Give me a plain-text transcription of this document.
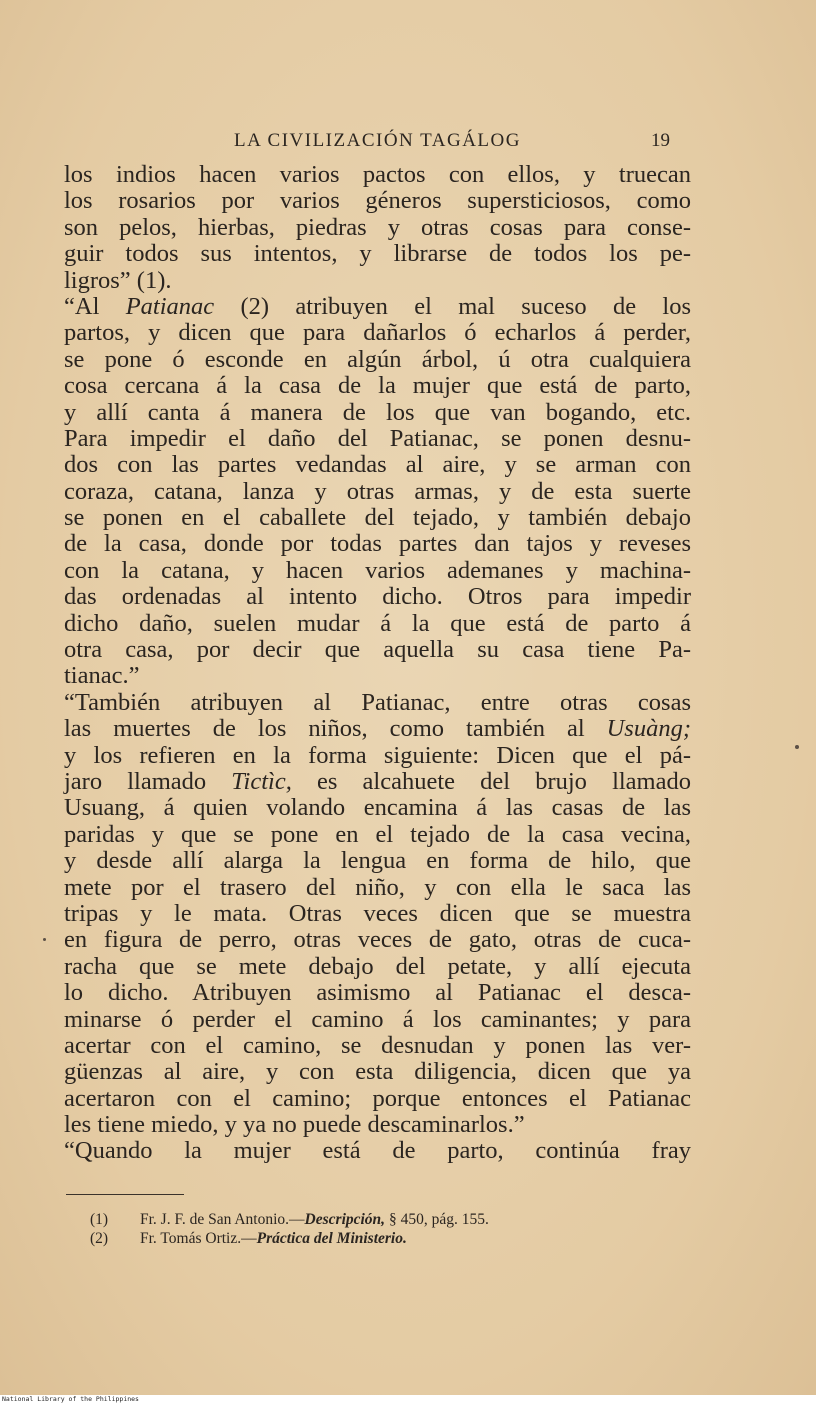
LA CIVILIZACIÓN TAGÁLOG	19
los indios hacen varios pactos con ellos, y truecan
los rosarios por varios géneros supersticiosos, como
son pelos, hierbas, piedras y otras cosas para conse-
guir todos sus intentos, y librarse de todos los pe-
ligros” (1).
“Al Patianac (2) atribuyen el mal suceso de los
partos, y dicen que para dañarlos ó echarlos á perder,
se pone ó esconde en algún árbol, ú otra cualquiera
cosa cercana á la casa de la mujer que está de parto,
y allí canta á manera de los que van bogando, etc.
Para impedir el daño del Patianac, se ponen desnu-
dos con las partes vedandas al aire, y se arman con
coraza, catana, lanza y otras armas, y de esta suerte
se ponen en el caballete del tejado, y también debajo
de la casa, donde por todas partes dan tajos y reveses
con la catana, y hacen varios ademanes y machina-
das ordenadas al intento dicho. Otros para impedir
dicho daño, suelen mudar á la que está de parto á
otra casa, por decir que aquella su casa tiene Pa-
tianac.”
“También atribuyen al Patianac, entre otras cosas
las muertes de los niños, como también al Usuàng;
y los refieren en la forma siguiente: Dicen que el pá-
jaro llamado Tictìc, es alcahuete del brujo llamado
Usuang, á quien volando encamina á las casas de las
paridas y que se pone en el tejado de la casa vecina,
y desde allí alarga la lengua en forma de hilo, que
mete por el trasero del niño, y con ella le saca las
tripas y le mata. Otras veces dicen que se muestra
en figura de perro, otras veces de gato, otras de cuca-
racha que se mete debajo del petate, y allí ejecuta
lo dicho. Atribuyen asimismo al Patianac el desca-
minarse ó perder el camino á los caminantes; y para
acertar con el camino, se desnudan y ponen las ver-
güenzas al aire, y con esta diligencia, dicen que ya
acertaron con el camino; porque entonces el Patianac
les tiene miedo, y ya no puede descaminarlos.”
“Quando la mujer está de parto, continúa fray
(1) Fr. J. F. de San Antonio.—Descripción, § 450, pág. 155.
(2) Fr. Tomás Ortiz.—Práctica del Ministerio.
National Library of the Philippines
